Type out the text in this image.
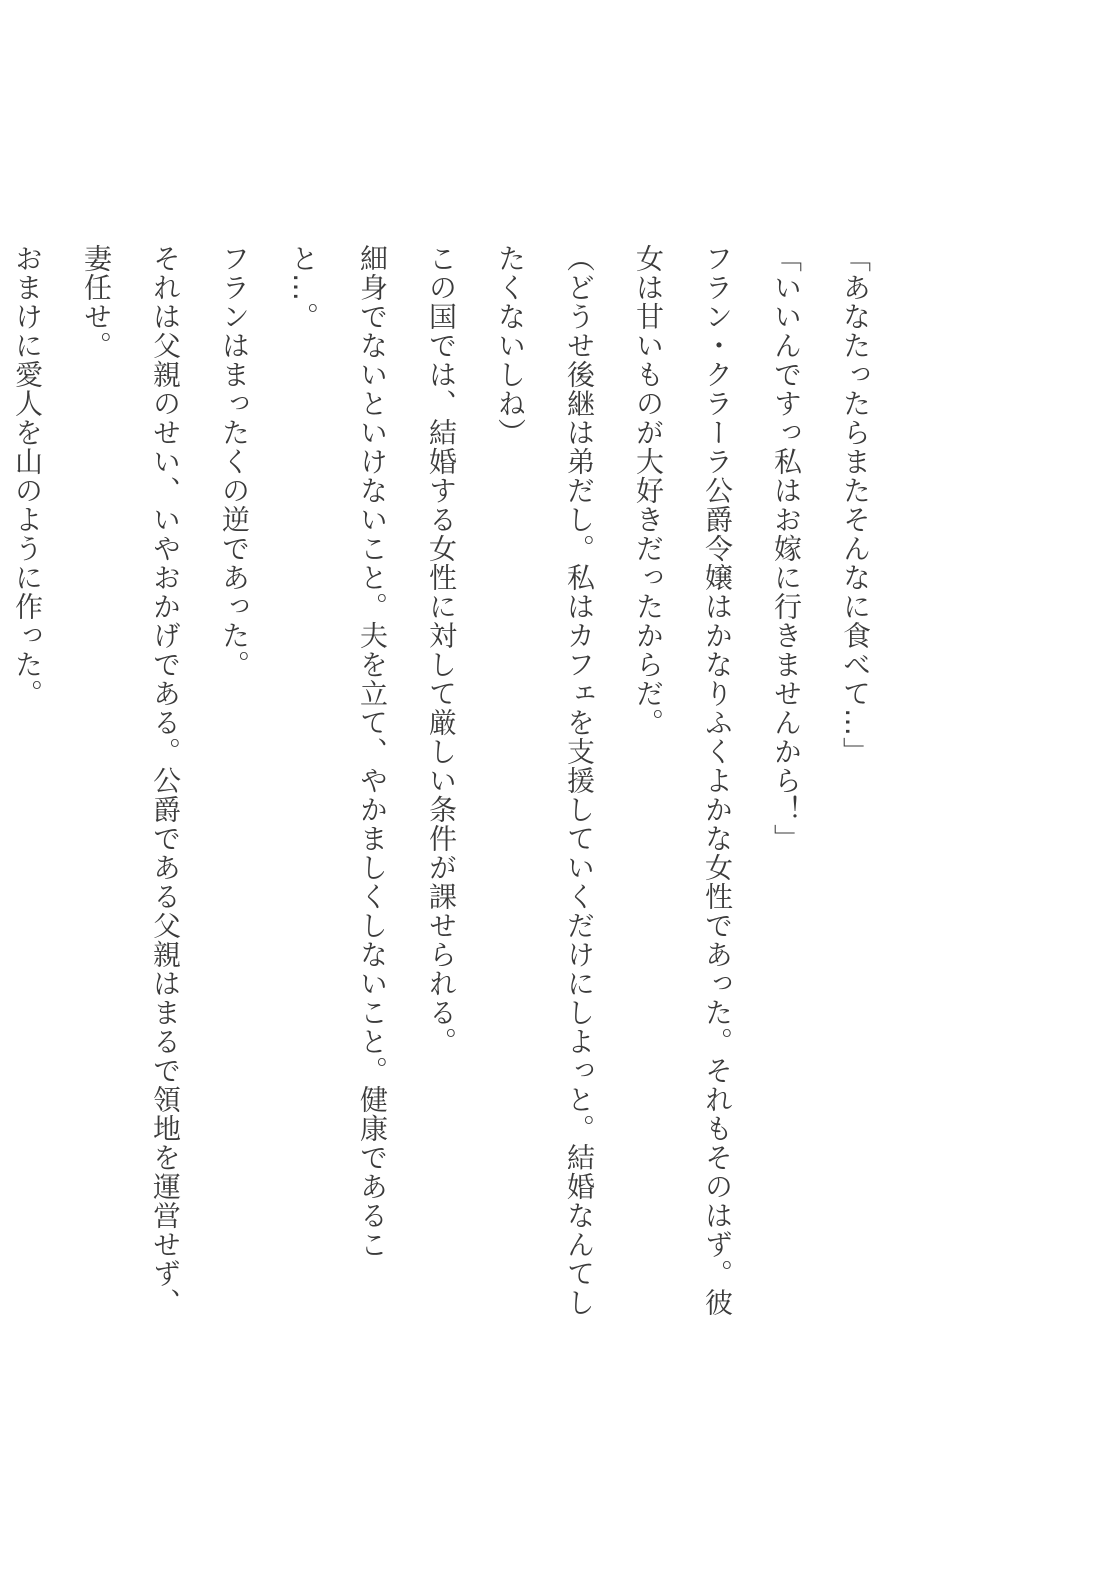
「あなたったらまたそんなに食べて…」

「いいんですっ私はお嫁に行きませんから！」

フラン・クラーラ公爵令嬢はかなりふくよかな女性であった。それもそのはず。彼女は甘いものが大好きだったからだ。

（どうせ後継は弟だし。私はカフェを支援していくだけにしよっと。結婚なんてしたくないしね）

この国では、結婚する女性に対して厳しい条件が課せられる。

細身でないといけないこと。夫を立て、やかましくしないこと。健康であること…。

フランはまったくの逆であった。

それは父親のせい、いやおかげである。公爵である父親はまるで領地を運営せず、妻任せ。

おまけに愛人を山のように作った。
